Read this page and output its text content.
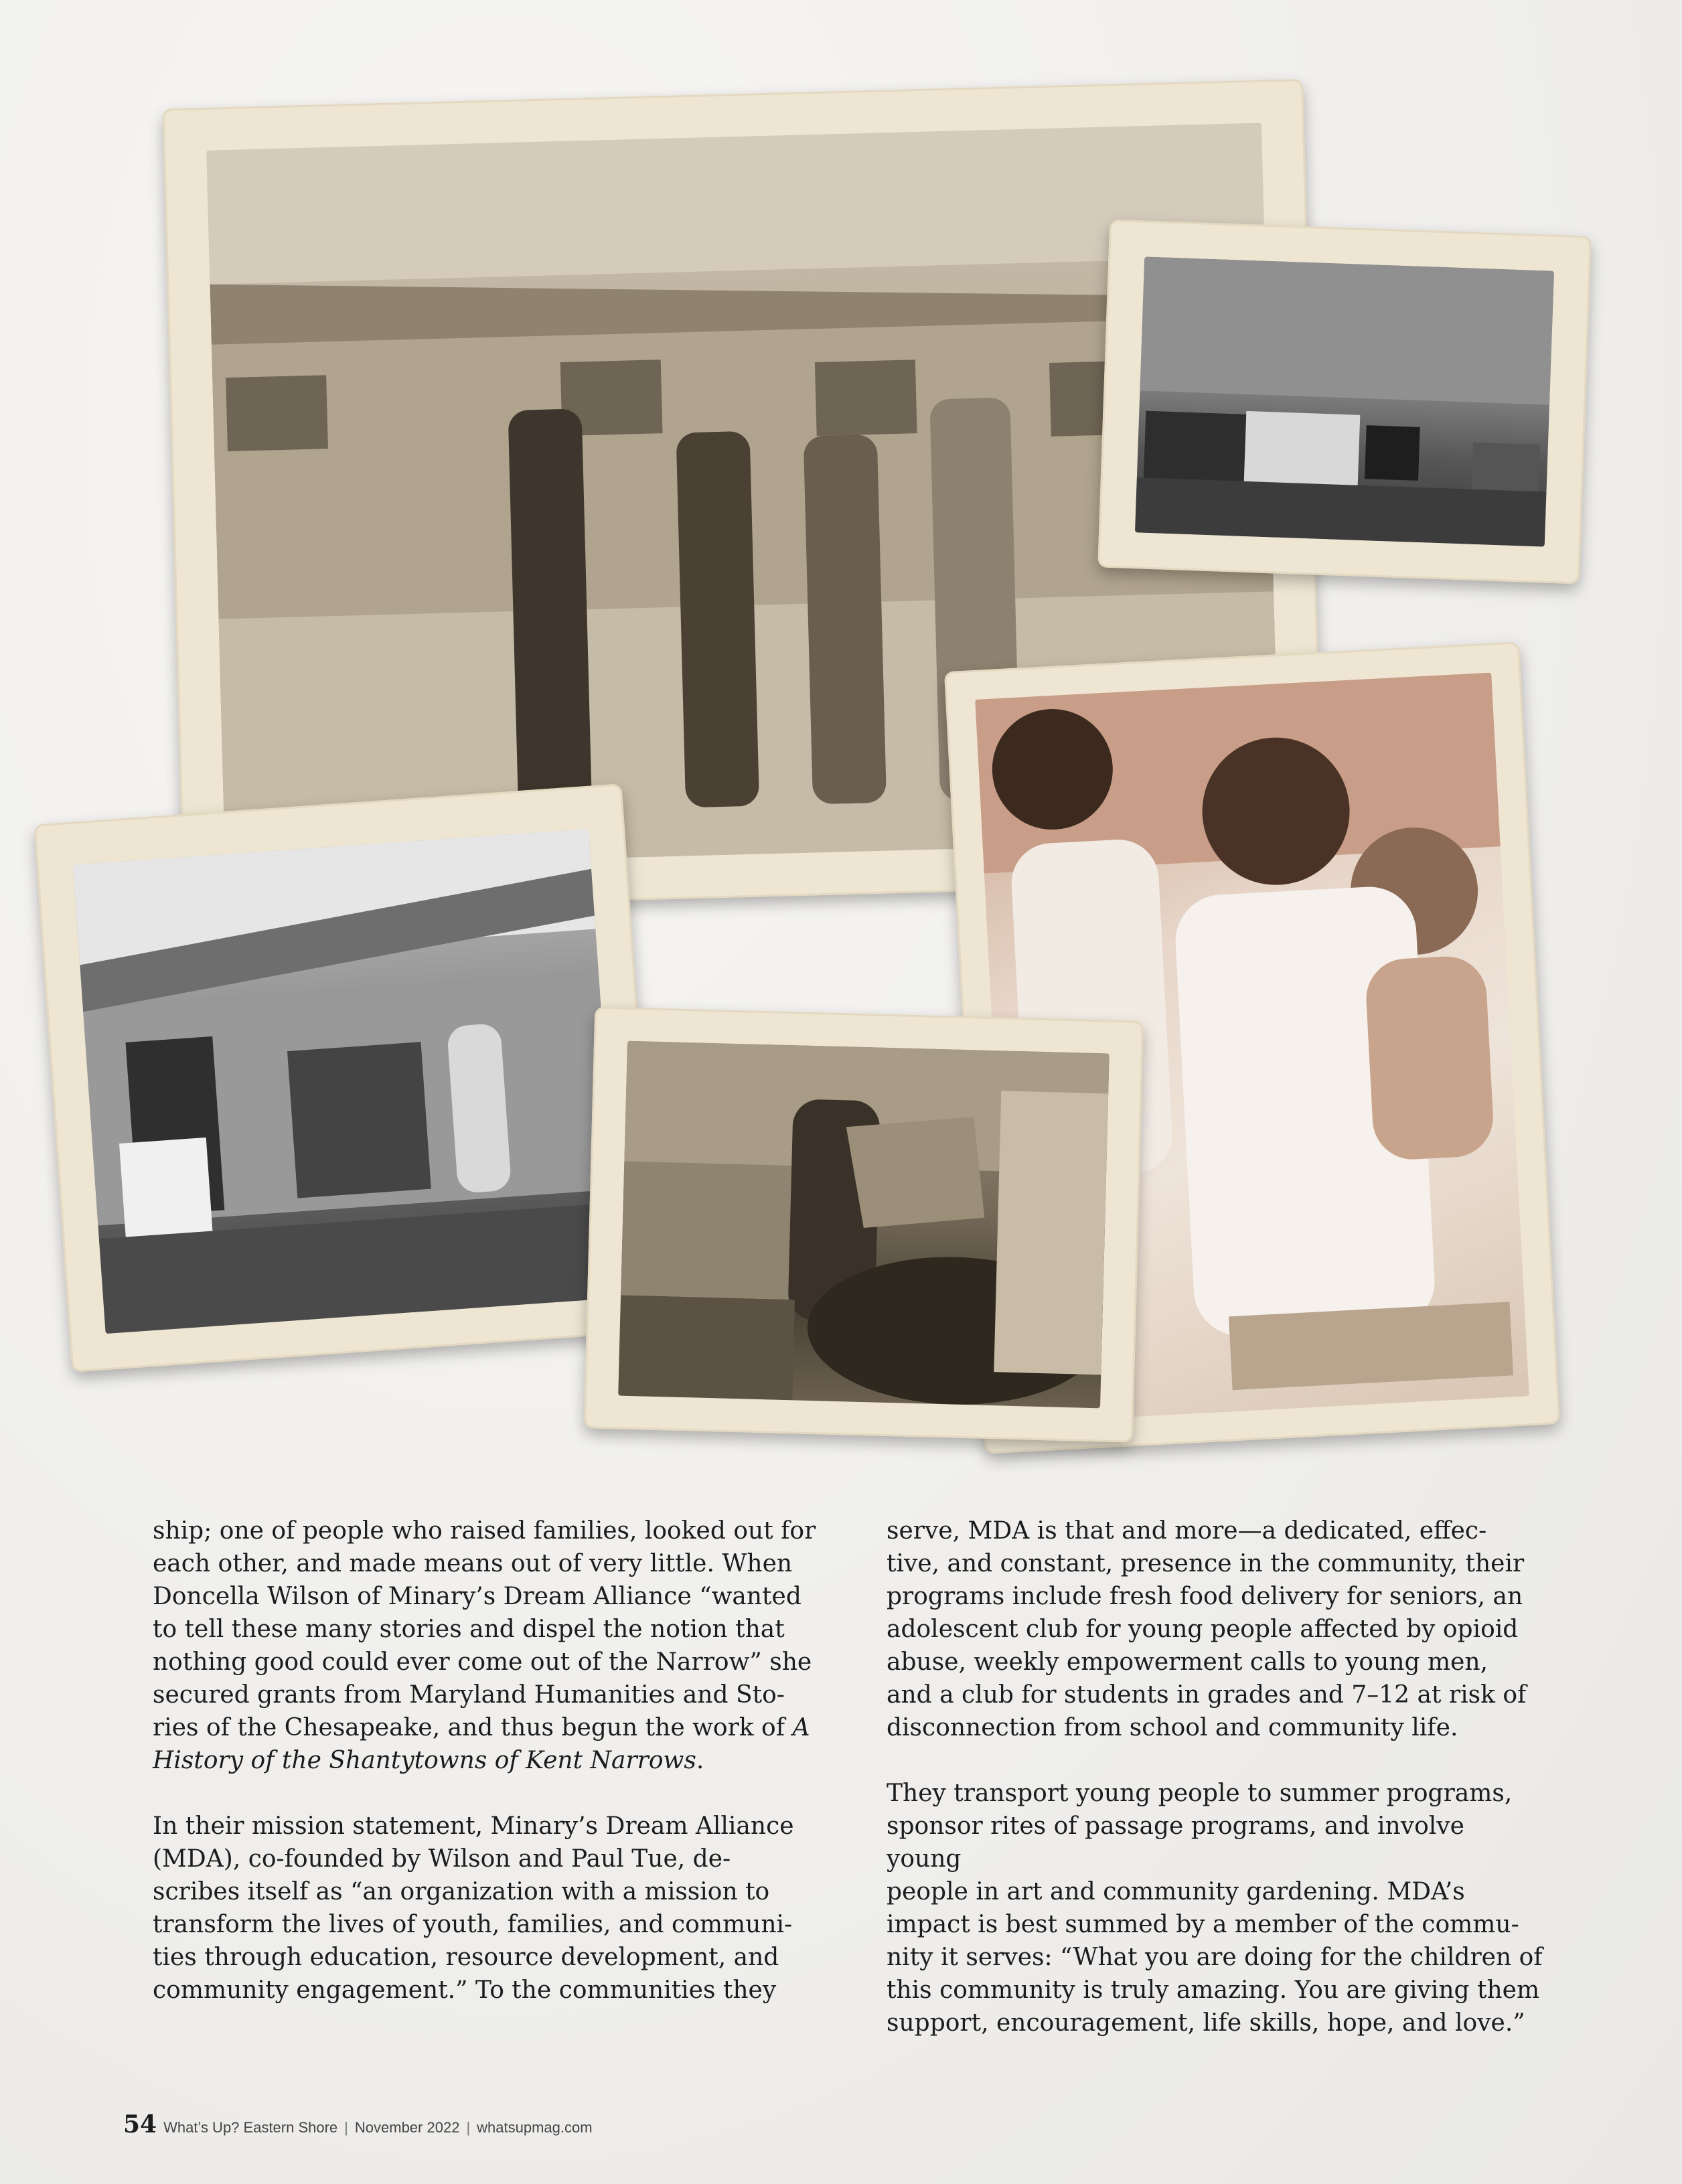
ship; one of people who raised families, looked out for
each other, and made means out of very little. When
Doncella Wilson of Minary’s Dream Alliance “wanted
to tell these many stories and dispel the notion that
nothing good could ever come out of the Narrow” she
secured grants from Maryland Humanities and Sto-
ries of the Chesapeake, and thus begun the work of A
History of the Shantytowns of Kent Narrows.

In their mission statement, Minary’s Dream Alliance
(MDA), co-founded by Wilson and Paul Tue, de-
scribes itself as “an organization with a mission to
transform the lives of youth, families, and communi-
ties through education, resource development, and
community engagement.” To the communities they

serve, MDA is that and more—a dedicated, effec-
tive, and constant, presence in the community, their
programs include fresh food delivery for seniors, an
adolescent club for young people affected by opioid
abuse, weekly empowerment calls to young men,
and a club for students in grades and 7–12 at risk of
disconnection from school and community life.

They transport young people to summer programs,
sponsor rites of passage programs, and involve young
people in art and community gardening. MDA’s
impact is best summed by a member of the commu-
nity it serves: “What you are doing for the children of
this community is truly amazing. You are giving them
support, encouragement, life skills, hope, and love.”

54 What’s Up? Eastern Shore | November 2022 | whatsupmag.com
